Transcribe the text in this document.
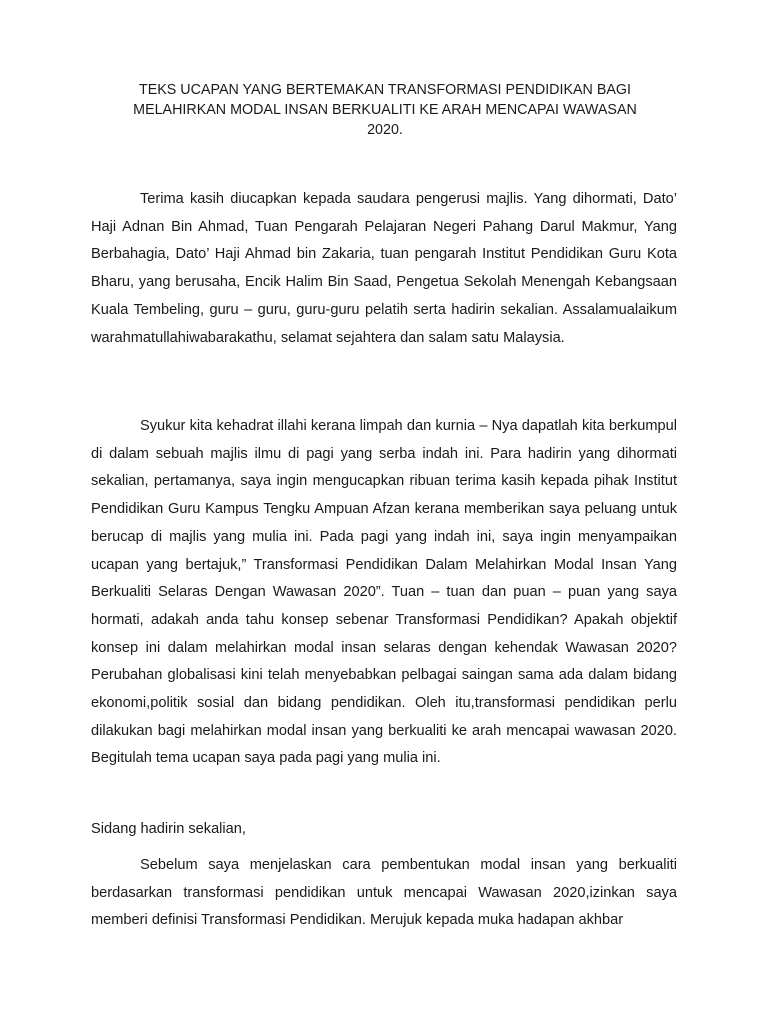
TEKS UCAPAN YANG BERTEMAKAN TRANSFORMASI PENDIDIKAN BAGI
MELAHIRKAN MODAL INSAN BERKUALITI KE ARAH MENCAPAI WAWASAN
2020.

Terima kasih diucapkan kepada saudara pengerusi majlis. Yang dihormati, Dato’ Haji Adnan Bin Ahmad, Tuan Pengarah Pelajaran Negeri Pahang Darul Makmur, Yang Berbahagia, Dato’ Haji Ahmad bin Zakaria, tuan pengarah Institut Pendidikan Guru Kota Bharu, yang berusaha, Encik Halim Bin Saad, Pengetua Sekolah Menengah Kebangsaan Kuala Tembeling, guru – guru, guru-guru pelatih serta hadirin sekalian. Assalamualaikum warahmatullahiwabarakathu, selamat sejahtera dan salam satu Malaysia.

Syukur kita kehadrat illahi kerana limpah dan kurnia – Nya dapatlah kita berkumpul di dalam sebuah majlis ilmu di pagi yang serba indah ini. Para hadirin yang dihormati sekalian, pertamanya, saya ingin mengucapkan ribuan terima kasih kepada pihak Institut Pendidikan Guru Kampus Tengku Ampuan Afzan kerana memberikan saya peluang untuk berucap di majlis yang mulia ini. Pada pagi yang indah ini, saya ingin menyampaikan ucapan yang bertajuk,” Transformasi Pendidikan Dalam Melahirkan Modal Insan Yang Berkualiti Selaras Dengan Wawasan 2020”. Tuan – tuan dan puan – puan yang saya hormati, adakah anda tahu konsep sebenar Transformasi Pendidikan? Apakah objektif konsep ini dalam melahirkan modal insan selaras dengan kehendak Wawasan 2020? Perubahan globalisasi kini telah menyebabkan pelbagai saingan sama ada dalam bidang ekonomi,politik sosial dan bidang pendidikan. Oleh itu,transformasi pendidikan perlu dilakukan bagi melahirkan modal insan yang berkualiti ke arah mencapai wawasan 2020. Begitulah tema ucapan saya pada pagi yang mulia ini.

Sidang hadirin sekalian,

Sebelum saya menjelaskan cara pembentukan modal insan yang berkualiti berdasarkan transformasi pendidikan untuk mencapai Wawasan 2020,izinkan saya memberi definisi Transformasi Pendidikan. Merujuk kepada muka hadapan akhbar
